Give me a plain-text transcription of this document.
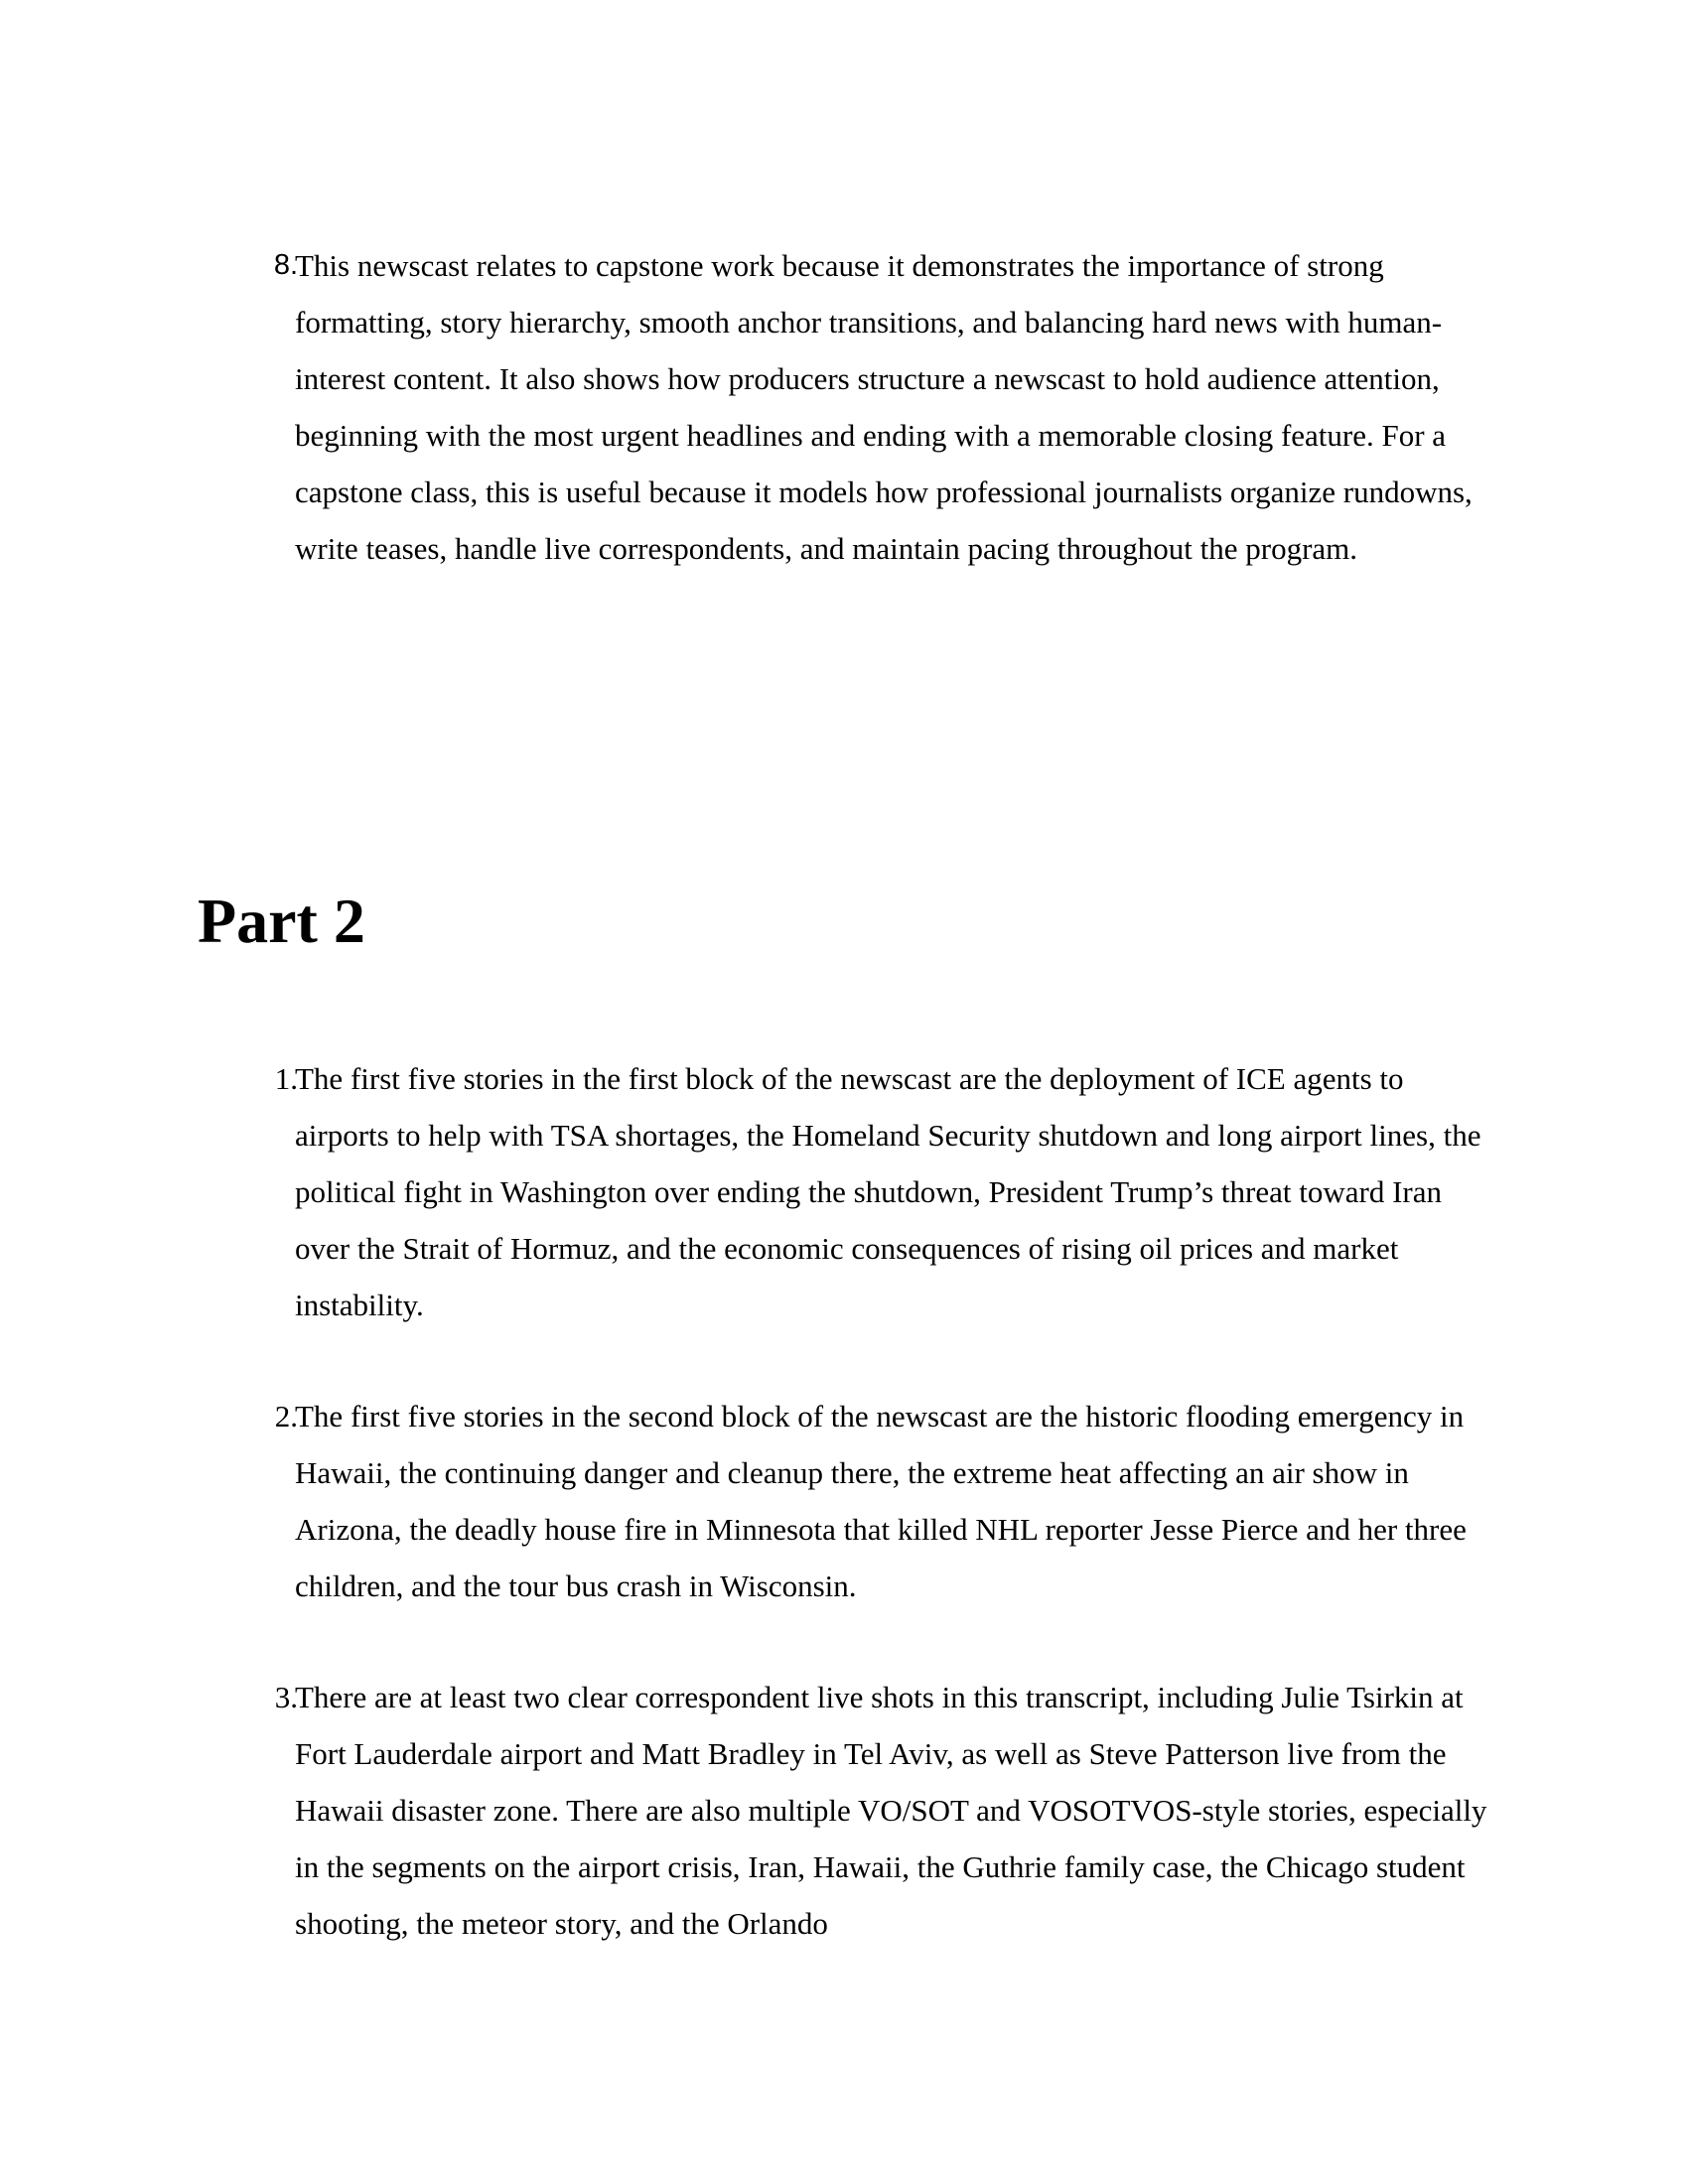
8.
This newscast relates to capstone work because it demonstrates the importance of strong formatting, story hierarchy, smooth anchor transitions, and balancing hard news with human-interest content. It also shows how producers structure a newscast to hold audience attention, beginning with the most urgent headlines and ending with a memorable closing feature. For a capstone class, this is useful because it models how professional journalists organize rundowns, write teases, handle live correspondents, and maintain pacing throughout the program.
Part 2
1.
The first five stories in the first block of the newscast are the deployment of ICE agents to airports to help with TSA shortages, the Homeland Security shutdown and long airport lines, the political fight in Washington over ending the shutdown, President Trump’s threat toward Iran over the Strait of Hormuz, and the economic consequences of rising oil prices and market instability.
2.
The first five stories in the second block of the newscast are the historic flooding emergency in Hawaii, the continuing danger and cleanup there, the extreme heat affecting an air show in Arizona, the deadly house fire in Minnesota that killed NHL reporter Jesse Pierce and her three children, and the tour bus crash in Wisconsin.
3.
There are at least two clear correspondent live shots in this transcript, including Julie Tsirkin at Fort Lauderdale airport and Matt Bradley in Tel Aviv, as well as Steve Patterson live from the Hawaii disaster zone. There are also multiple VO/SOT and VOSOTVOS-style stories, especially in the segments on the airport crisis, Iran, Hawaii, the Guthrie family case, the Chicago student shooting, the meteor story, and the Orlando
